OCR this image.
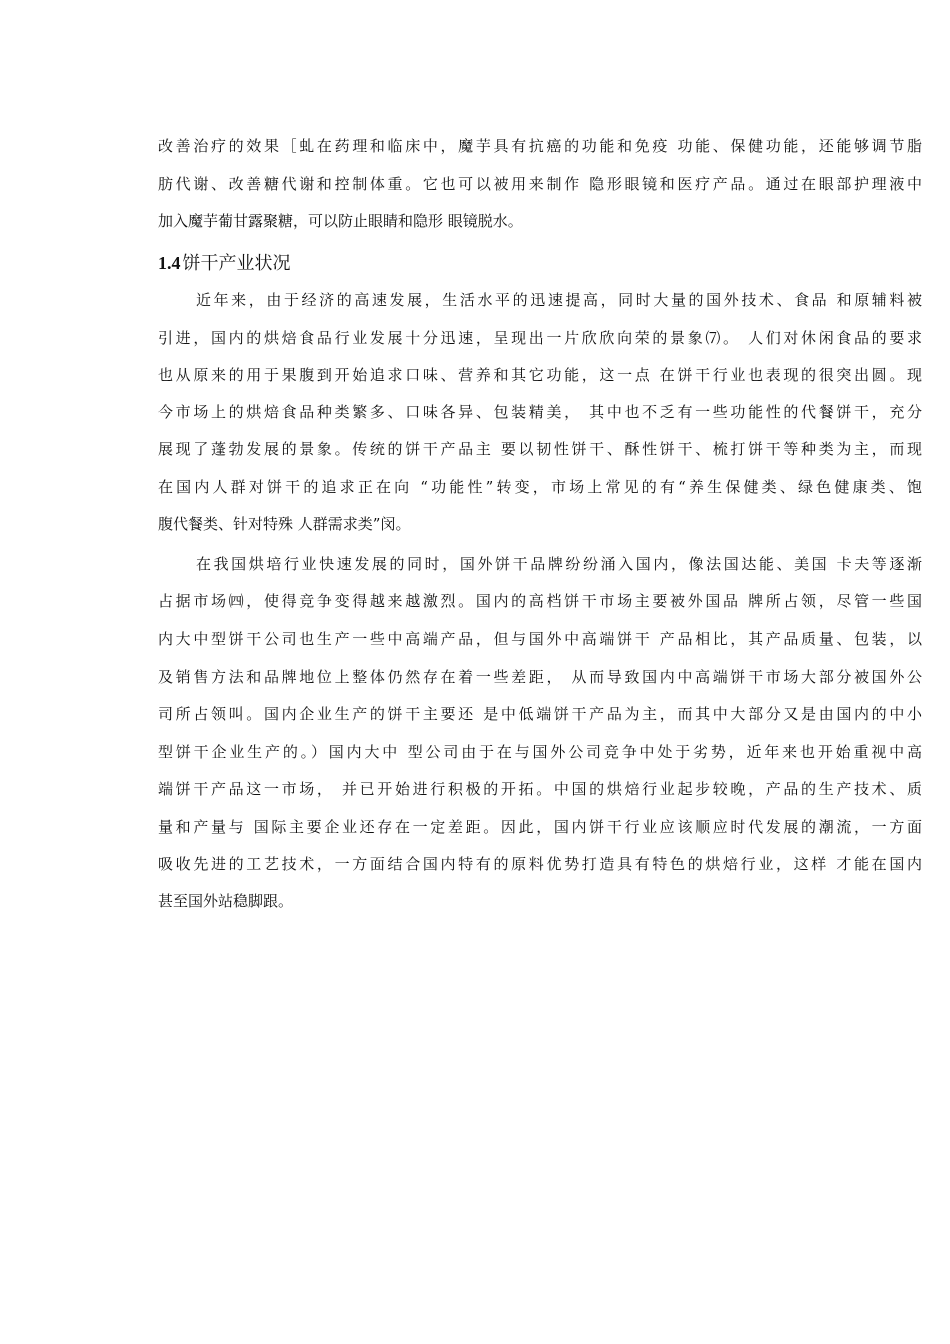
改善治疗的效果［虬在药理和临床中，魔芋具有抗癌的功能和免疫 功能、保健功能，还能够调节脂
肪代谢、改善糖代谢和控制体重。它也可以被用来制作 隐形眼镜和医疗产品。通过在眼部护理液中
加入魔芋葡甘露聚糖，可以防止眼睛和隐形 眼镜脱水。
1.4 饼干产业状况
近年来，由于经济的高速发展，生活水平的迅速提高，同时大量的国外技术、食品 和原辅料被
引进，国内的烘焙食品行业发展十分迅速，呈现出一片欣欣向荣的景象⑺。 人们对休闲食品的要求
也从原来的用于果腹到开始追求口味、营养和其它功能，这一点 在饼干行业也表现的很突出圆。现
今市场上的烘焙食品种类繁多、口味各异、包装精美， 其中也不乏有一些功能性的代餐饼干，充分
展现了蓬勃发展的景象。传统的饼干产品主 要以韧性饼干、酥性饼干、梳打饼干等种类为主，而现
在国内人群对饼干的追求正在向 “功能性”转变，市场上常见的有“养生保健类、绿色健康类、饱
腹代餐类、针对特殊 人群需求类”闵。
在我国烘培行业快速发展的同时，国外饼干品牌纷纷涌入国内，像法国达能、美国 卡夫等逐渐
占据市场㈣，使得竞争变得越来越激烈。国内的高档饼干市场主要被外国品 牌所占领，尽管一些国
内大中型饼干公司也生产一些中高端产品，但与国外中高端饼干 产品相比，其产品质量、包装，以
及销售方法和品牌地位上整体仍然存在着一些差距， 从而导致国内中高端饼干市场大部分被国外公
司所占领叫。国内企业生产的饼干主要还 是中低端饼干产品为主，而其中大部分又是由国内的中小
型饼干企业生产的。）国内大中 型公司由于在与国外公司竞争中处于劣势，近年来也开始重视中高
端饼干产品这一市场， 并已开始进行积极的开拓。中国的烘焙行业起步较晚，产品的生产技术、质
量和产量与 国际主要企业还存在一定差距。因此，国内饼干行业应该顺应时代发展的潮流，一方面
吸收先进的工艺技术，一方面结合国内特有的原料优势打造具有特色的烘焙行业，这样 才能在国内
甚至国外站稳脚跟。
